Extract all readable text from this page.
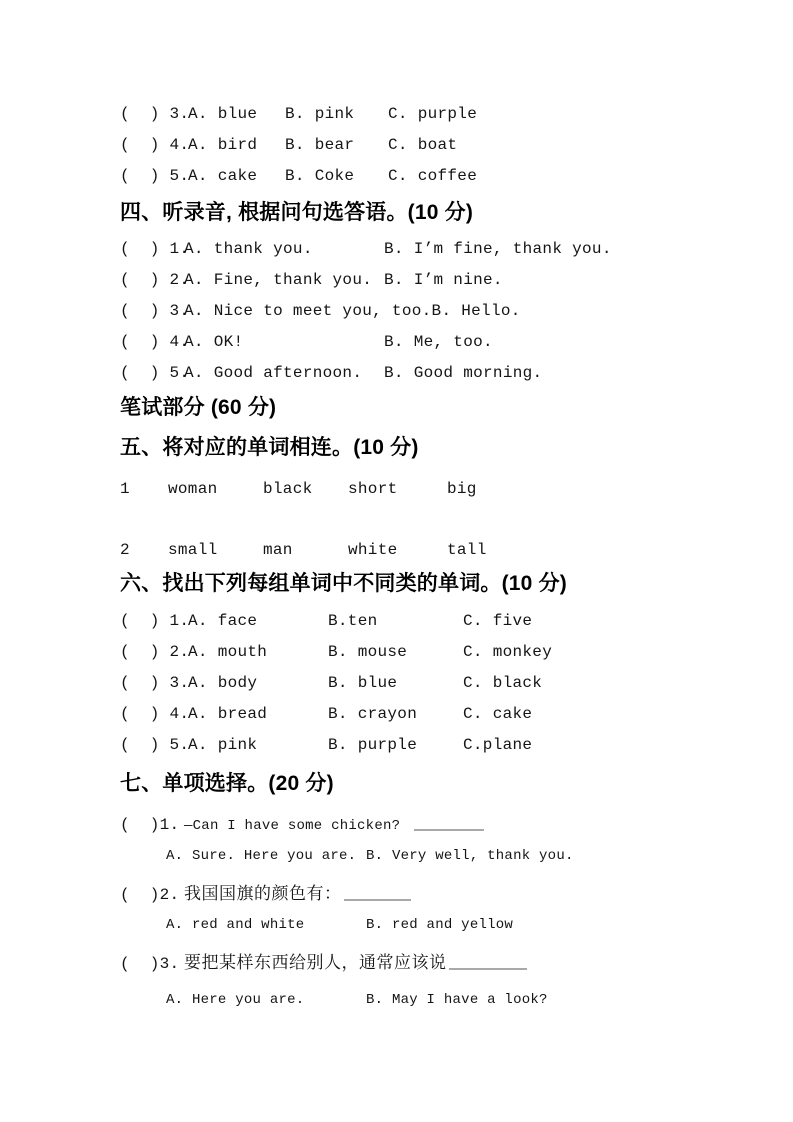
(  ) 3.
A. blue	B. pink	C. purple
(  ) 4.
A. bird	B. bear	C. boat
(  ) 5.
A. cake	B. Coke	C. coffee
四、听录音, 根据问句选答语。(10 分)
(  ) 1.
A. thank you.	B. I’m fine, thank you.
(  ) 2.
A. Fine, thank you. B. I’m nine.
(  ) 3.
A. Nice to meet you, too. B. Hello.
(  ) 4.
A. OK!	B. Me, too.
(  ) 5.
A. Good afternoon.	B. Good morning.
笔试部分 (60 分)
五、将对应的单词相连。(10 分)
1	woman	black	short	big
2	small	man	white	tall
六、找出下列每组单词中不同类的单词。(10 分)
(  ) 1.
A. face	B.ten	C. five
(  ) 2.
A. mouth	B. mouse	C. monkey
(  ) 3.
A. body	B. blue	C. black
(  ) 4.
A. bread	B. crayon	C. cake
(  ) 5.
A. pink	B. purple	C.plane
七、单项选择。(20 分)
(  )1. —Can I have some chicken?
A. Sure. Here you are. B. Very well, thank you.
(  )2. 我国国旗的颜色有：
A. red and white	B. red and yellow
(  )3. 要把某样东西给别人，通常应该说
A. Here you are.	B. May I have a look?
